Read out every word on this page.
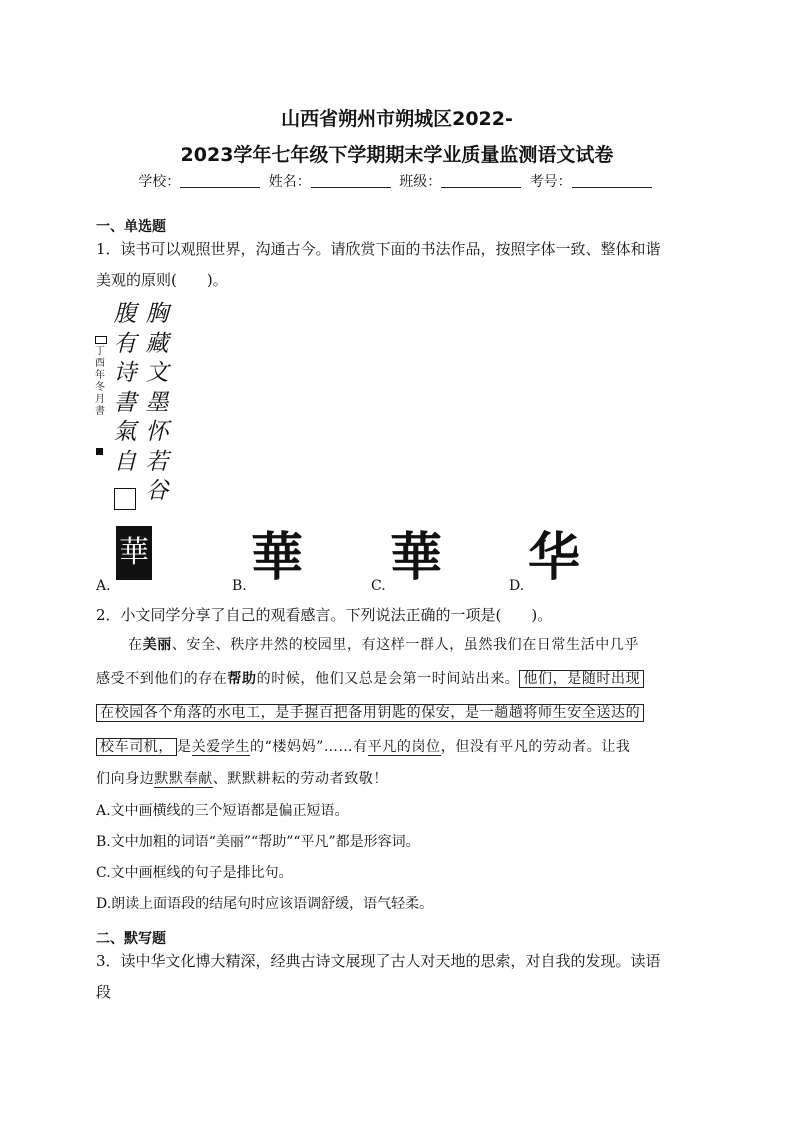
山西省朔州市朔城区2022-
2023学年七年级下学期期末学业质量监测语文试卷
学校：	姓名：	班级：	考号：
一、单选题
1．读书可以观照世界，沟通古今。请欣赏下面的书法作品，按照字体一致、整体和谐
美观的原则(　　)。
胸
藏
文
墨
怀
若
谷
腹
有
诗
書
氣
自
丁
酉
年
冬
月
書
華
A.	華
B.	華
C.	华
D.
2．小文同学分享了自己的观看感言。下列说法正确的一项是(　　)。
在美丽、安全、秩序井然的校园里，有这样一群人，虽然我们在日常生活中几乎
感受不到他们的存在帮助的时候，他们又总是会第一时间站出来。 他们，是随时出现
在校园各个角落的水电工，是手握百把备用钥匙的保安，是一趟趟将师生安全送达的
校车司机， 是关爱学生的“楼妈妈”……有平凡的岗位，但没有平凡的劳动者。让我
们向身边默默奉献、默默耕耘的劳动者致敬！
A.文中画横线的三个短语都是偏正短语。
B.文中加粗的词语“美丽”“帮助”“平凡”都是形容词。
C.文中画框线的句子是排比句。
D.朗读上面语段的结尾句时应该语调舒缓，语气轻柔。
二、默写题
3．读中华文化博大精深，经典古诗文展现了古人对天地的思索，对自我的发现。读语
段
